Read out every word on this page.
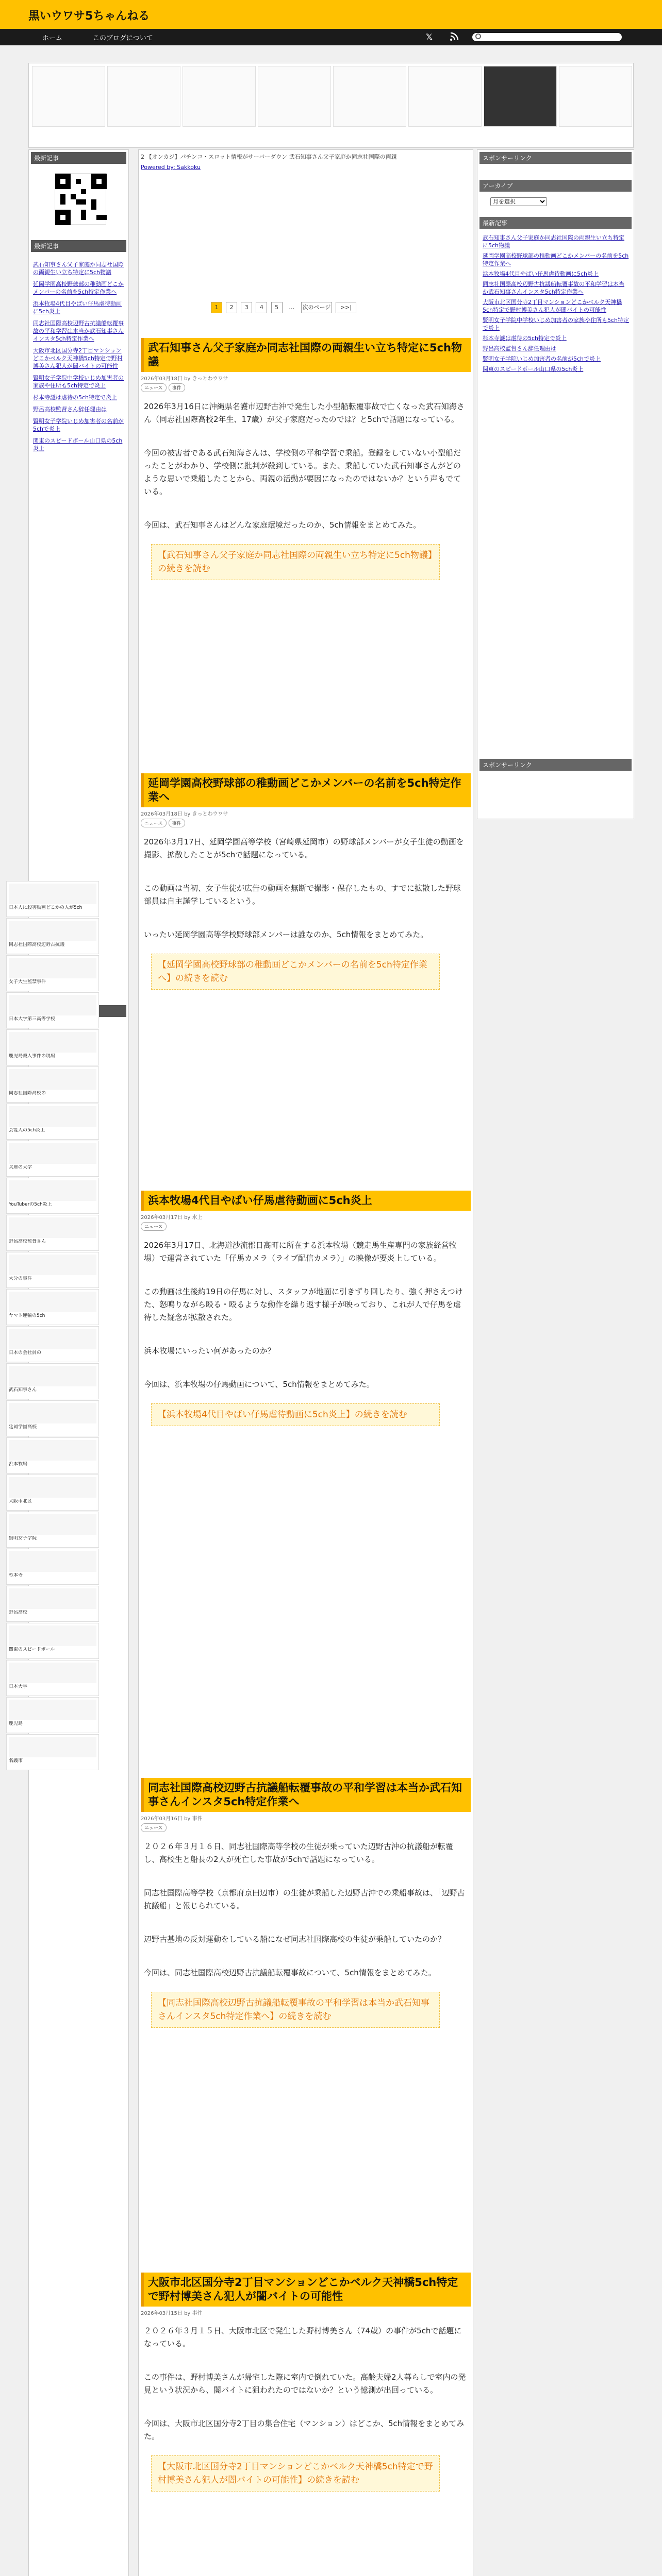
黒いウワサ5ちゃんねる
ホーム	このブログについて	𝕏
最新記事
最新記事
武石知事さん父子家庭か同志社国際の両親生い立ち特定に5ch物議
延岡学園高校野球部の稚動画どこかメンバーの名前を5ch特定作業へ
浜本牧場4代目やばい仔馬虐待動画に5ch炎上
同志社国際高校辺野古抗議船転覆事故の平和学習は本当か武石知事さんインスタ5ch特定作業へ
大阪市北区国分寺2丁目マンションどこかベルク天神橋5ch特定で野村博美さん犯人が闇バイトの可能性
賢明女子学院中学校いじめ加害者の家族や住所も5ch特定で炎上
杉本寺謎は虐待の5ch特定で炎上
野呂高校監督さん辞任理由は
賢明女子学院いじめ加害者の名前が5chで炎上
関東のスピードボール山口県の5ch炎上
日本人に殺害動画どこかの人が5ch
同志社国際高校辺野古抗議
女子大生監禁事件
日本大学第三高等学校
鹿児島殺人事件の現場
同志社国際高校の
芸能人の5ch炎上
兵庫の大学
YouTuberの5ch炎上
野呂高校監督さん
大分の事件
ヤマト運輸の5ch
日本の会社員の
武石知事さん
延岡学園高校
浜本牧場
大阪市北区
賢明女子学院
杉本寺
野呂高校
関東のスピードボール
日本大学
鹿児島
名護市
2 【オンカジ】パチンコ・スロット情報がサーバーダウン 武石知事さん父子家庭か同志社国際の両親
Powered by: Sakkoku
1 2 3 4 5 … 次のページ >>|
武石知事さん父子家庭か同志社国際の両親生い立ち特定に5ch物議
2026年03月18日 by きっとわウワサ
ニュース 事件

2026年3月16日に沖縄県名護市辺野古沖で発生した小型船転覆事故で亡くなった武石知海さん（同志社国際高校2年生、17歳）が父子家庭だったのでは？と5chで話題になっている。

今回の被害者である武石知海さんは、学校側の平和学習で乗船。登録をしていない小型船だったことがわかり、学校側に批判が殺到している。また、乗船していた武石知事さんがどのような思いで乗船したことから、両親の活動が要因になったのではないか？という声もでている。

今回は、武石知事さんはどんな家庭環境だったのか、5ch情報をまとめてみた。

【武石知事さん父子家庭か同志社国際の両親生い立ち特定に5ch物議】の続きを読む
延岡学園高校野球部の稚動画どこかメンバーの名前を5ch特定作業へ
2026年03月18日 by きっとわウワサ
ニュース 事件

2026年3月17日、延岡学園高等学校（宮崎県延岡市）の野球部メンバーが女子生徒の動画を撮影、拡散したことが5chで話題になっている。

この動画は当初、女子生徒が広告の動画を無断で撮影・保存したもの、すでに拡散した野球部員は自主謹学しているという。

いったい延岡学園高等学校野球部メンバーは誰なのか、5ch情報をまとめてみた。

【延岡学園高校野球部の稚動画どこかメンバーの名前を5ch特定作業へ】の続きを読む
浜本牧場4代目やばい仔馬虐待動画に5ch炎上
2026年03月17日 by 水上
ニュース

2026年3月17日、北海道沙流郡日高町に所在する浜本牧場（競走馬生産専門の家族経営牧場）で運営されていた「仔馬カメラ（ライブ配信カメラ）」の映像が要炎上している。

この動画は生後約19日の仔馬に対し、スタッフが地面に引きずり回したり、強く押さえつけた、怒鳴りながら殴る・殴るような動作を繰り返す様子が映っており、これが人で仔馬を虐待した疑念が拡散された。

浜本牧場にいったい何があったのか？

今回は、浜本牧場の仔馬動画について、5ch情報をまとめてみた。

【浜本牧場4代目やばい仔馬虐待動画に5ch炎上】の続きを読む
同志社国際高校辺野古抗議船転覆事故の平和学習は本当か武石知事さんインスタ5ch特定作業へ
2026年03月16日 by 事件
ニュース

２０２６年３月１６日、同志社国際高等学校の生徒が乗っていた辺野古沖の抗議船が転覆し、高校生と船長の2人が死亡した事故が5chで話題になっている。

同志社国際高等学校（京都府京田辺市）の生徒が乗船した辺野古沖での乗船事故は、「辺野古抗議船」と報じられている。

辺野古基地の反対運動をしている船になぜ同志社国際高校の生徒が乗船していたのか？

今回は、同志社国際高校辺野古抗議船転覆事故について、5ch情報をまとめてみた。

【同志社国際高校辺野古抗議船転覆事故の平和学習は本当か武石知事さんインスタ5ch特定作業へ】の続きを読む
大阪市北区国分寺2丁目マンションどこかベルク天神橋5ch特定で野村博美さん犯人が闇バイトの可能性
2026年03月15日 by 事件

２０２６年３月１５日、大阪市北区で発生した野村博美さん（74歳）の事件が5chで話題になっている。

この事件は、野村博美さんが帰宅した際に室内で倒れていた。高齢夫婦2人暮らしで室内の発見という状況から、闇バイトに狙われたのではないか？という憶測が出回っている。

今回は、大阪市北区国分寺2丁目の集合住宅（マンション）はどこか、5ch情報をまとめてみた。

【大阪市北区国分寺2丁目マンションどこかベルク天神橋5ch特定で野村博美さん犯人が闇バイトの可能性】の続きを読む

スポンサーリンク
アーカイブ
月を選択
最新記事
武石知事さん父子家庭か同志社国際の両親生い立ち特定に5ch物議
延岡学園高校野球部の稚動画どこかメンバーの名前を5ch特定作業へ
浜本牧場4代目やばい仔馬虐待動画に5ch炎上
同志社国際高校辺野古抗議船転覆事故の平和学習は本当か武石知事さんインスタ5ch特定作業へ
大阪市北区国分寺2丁目マンションどこかベルク天神橋5ch特定で野村博美さん犯人が闇バイトの可能性
賢明女子学院中学校いじめ加害者の家族や住所も5ch特定で炎上
杉本寺謎は虐待の5ch特定で炎上
野呂高校監督さん辞任理由は
賢明女子学院いじめ加害者の名前が5chで炎上
関東のスピードボール山口県の5ch炎上
スポンサーリンク
